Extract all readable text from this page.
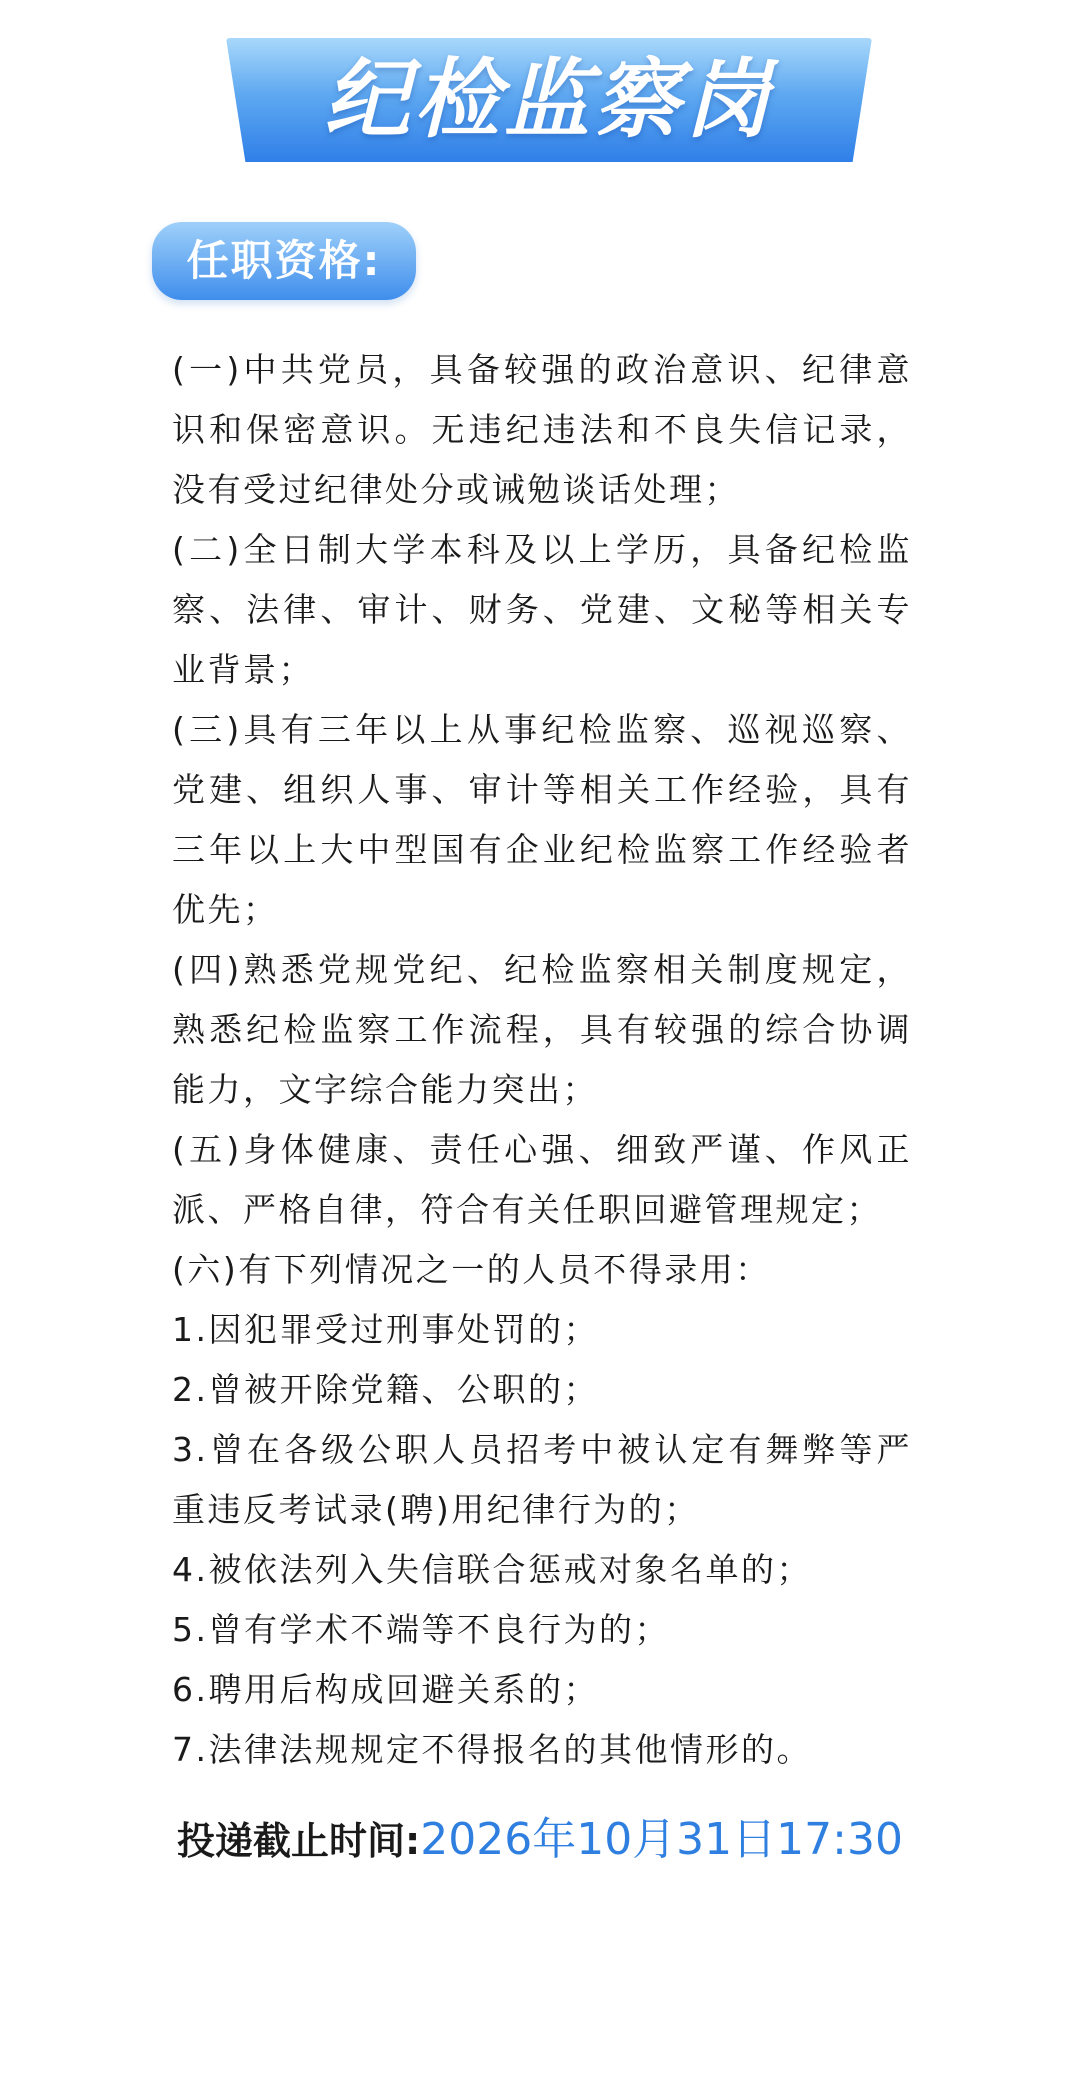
纪检监察岗
任职资格:

(一)中共党员，具备较强的政治意识、纪律意识和保密意识。无违纪违法和不良失信记录，没有受过纪律处分或诫勉谈话处理；

(二)全日制大学本科及以上学历，具备纪检监察、法律、审计、财务、党建、文秘等相关专业背景；

(三)具有三年以上从事纪检监察、巡视巡察、党建、组织人事、审计等相关工作经验，具有三年以上大中型国有企业纪检监察工作经验者优先；

(四)熟悉党规党纪、纪检监察相关制度规定，熟悉纪检监察工作流程，具有较强的综合协调能力，文字综合能力突出；

(五)身体健康、责任心强、细致严谨、作风正派、严格自律，符合有关任职回避管理规定；

(六)有下列情况之一的人员不得录用：

1.因犯罪受过刑事处罚的；

2.曾被开除党籍、公职的；

3.曾在各级公职人员招考中被认定有舞弊等严重违反考试录(聘)用纪律行为的；

4.被依法列入失信联合惩戒对象名单的；

5.曾有学术不端等不良行为的；

6.聘用后构成回避关系的；

7.法律法规规定不得报名的其他情形的。

投递截止时间:2026年10月31日17:30
